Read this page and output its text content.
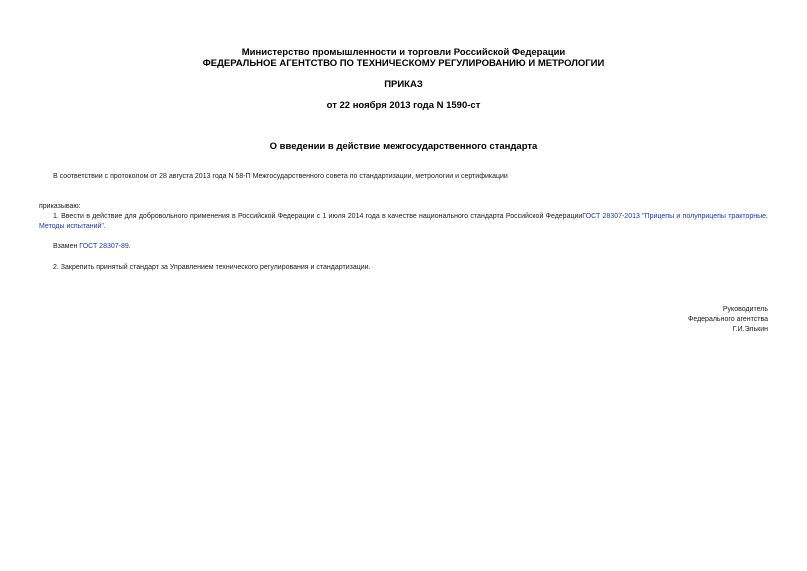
Министерство промышленности и торговли Российской Федерации
ФЕДЕРАЛЬНОЕ АГЕНТСТВО ПО ТЕХНИЧЕСКОМУ РЕГУЛИРОВАНИЮ И МЕТРОЛОГИИ
ПРИКАЗ
от 22 ноября 2013 года N 1590-ст
О введении в действие межгосударственного стандарта
В соответствии с протоколом от 28 августа 2013 года N 58-П Межгосударственного совета по стандартизации, метрологии и сертификации
приказываю:
1. Ввести в действие для добровольного применения в Российской Федерации с 1 июля 2014 года в качестве национального стандарта Российской ФедерацииГОСТ 28307-2013 "Прицепы и полуприцепы тракторные. Методы испытаний".
Взамен ГОСТ 28307-89.
2. Закрепить принятый стандарт за Управлением технического регулирования и стандартизации.
Руководитель
Федерального агентства
Г.И.Элькин
